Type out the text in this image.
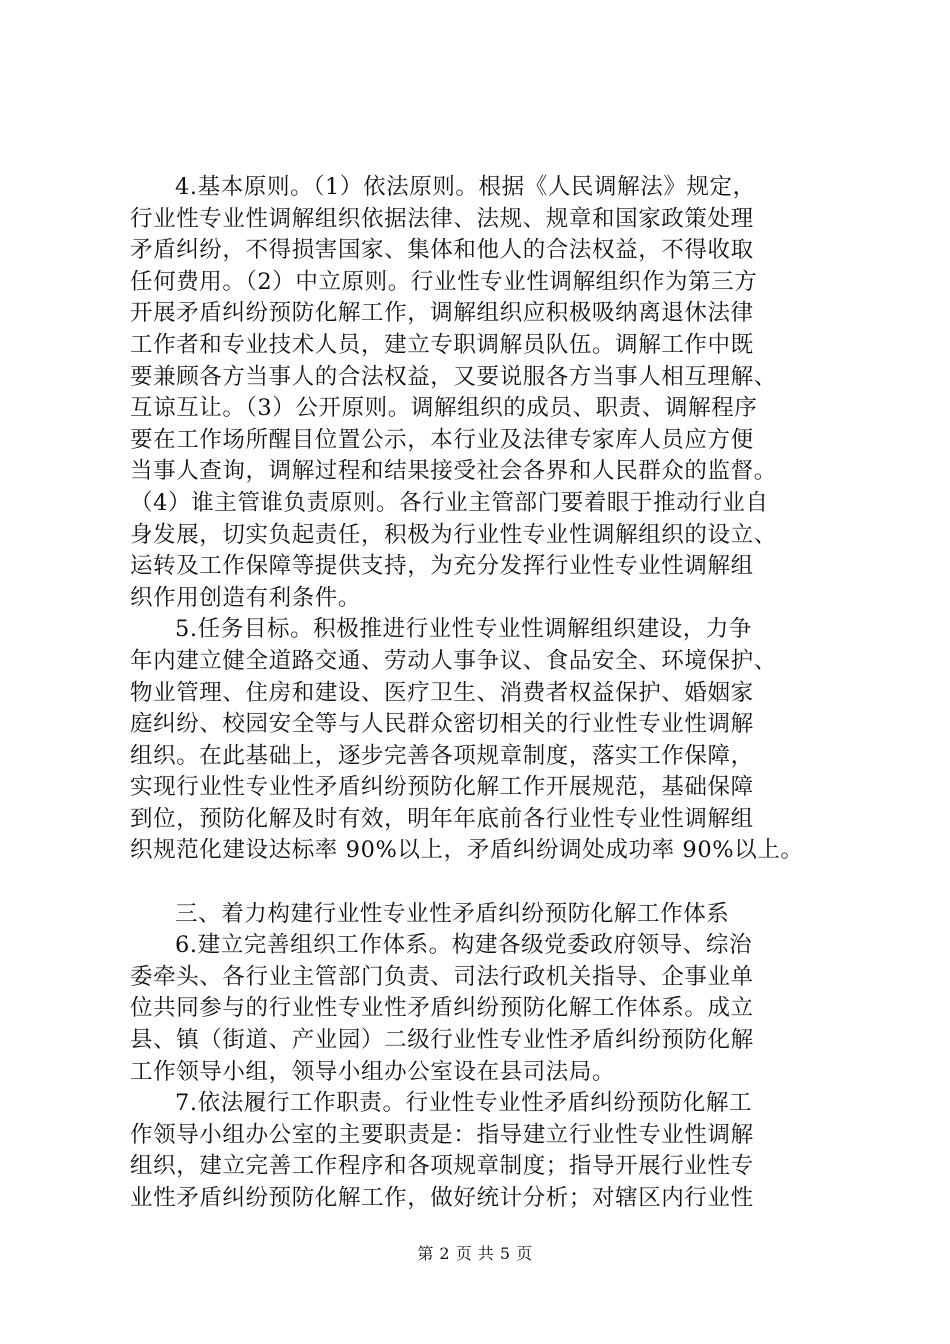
4.基本原则。（1）依法原则。根据《人民调解法》规定，
行业性专业性调解组织依据法律、法规、规章和国家政策处理
矛盾纠纷，不得损害国家、集体和他人的合法权益，不得收取
任何费用。（2）中立原则。行业性专业性调解组织作为第三方
开展矛盾纠纷预防化解工作，调解组织应积极吸纳离退休法律
工作者和专业技术人员，建立专职调解员队伍。调解工作中既
要兼顾各方当事人的合法权益，又要说服各方当事人相互理解、
互谅互让。（3）公开原则。调解组织的成员、职责、调解程序
要在工作场所醒目位置公示，本行业及法律专家库人员应方便
当事人查询，调解过程和结果接受社会各界和人民群众的监督。
（4）谁主管谁负责原则。各行业主管部门要着眼于推动行业自
身发展，切实负起责任，积极为行业性专业性调解组织的设立、
运转及工作保障等提供支持，为充分发挥行业性专业性调解组
织作用创造有利条件。
5.任务目标。积极推进行业性专业性调解组织建设，力争
年内建立健全道路交通、劳动人事争议、食品安全、环境保护、
物业管理、住房和建设、医疗卫生、消费者权益保护、婚姻家
庭纠纷、校园安全等与人民群众密切相关的行业性专业性调解
组织。在此基础上，逐步完善各项规章制度，落实工作保障，
实现行业性专业性矛盾纠纷预防化解工作开展规范，基础保障
到位，预防化解及时有效，明年年底前各行业性专业性调解组
织规范化建设达标率 90%以上，矛盾纠纷调处成功率 90%以上。
三、着力构建行业性专业性矛盾纠纷预防化解工作体系
6.建立完善组织工作体系。构建各级党委政府领导、综治
委牵头、各行业主管部门负责、司法行政机关指导、企事业单
位共同参与的行业性专业性矛盾纠纷预防化解工作体系。成立
县、镇（街道、产业园）二级行业性专业性矛盾纠纷预防化解
工作领导小组，领导小组办公室设在县司法局。
7.依法履行工作职责。行业性专业性矛盾纠纷预防化解工
作领导小组办公室的主要职责是：指导建立行业性专业性调解
组织，建立完善工作程序和各项规章制度；指导开展行业性专
业性矛盾纠纷预防化解工作，做好统计分析；对辖区内行业性
第 2 页 共 5 页
